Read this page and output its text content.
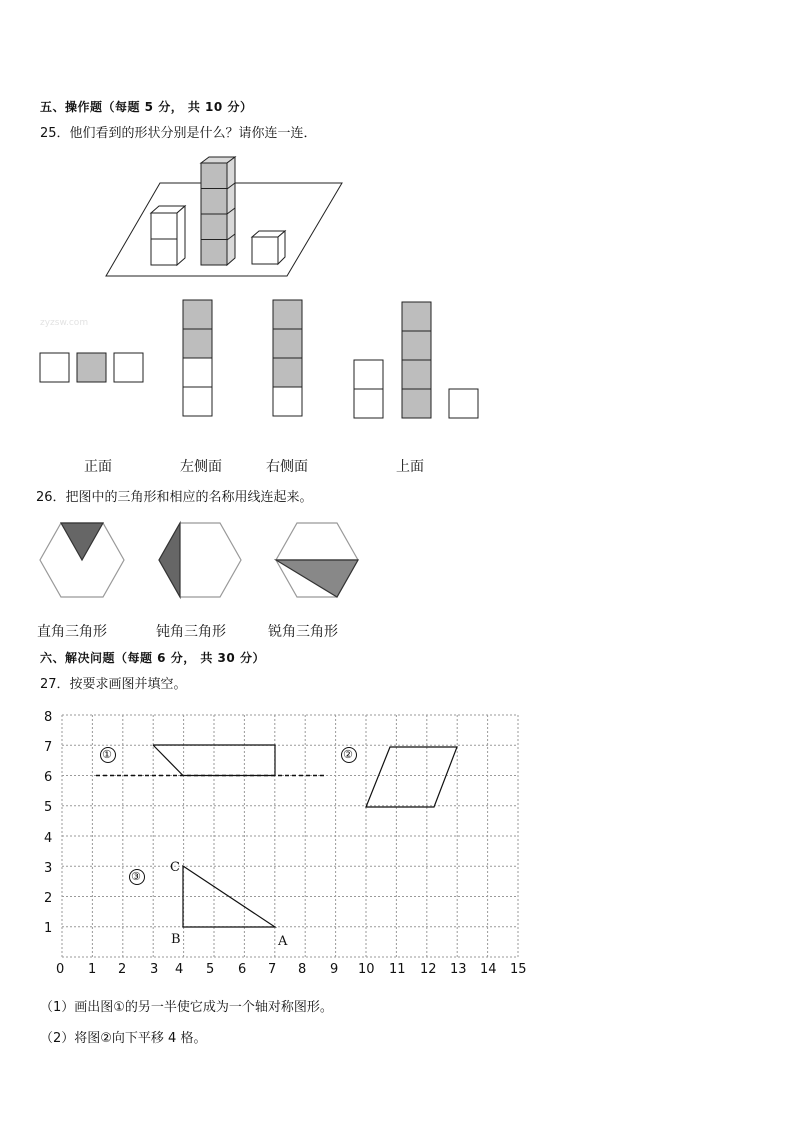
五、操作题（每题 5 分， 共 10 分）
25．他们看到的形状分别是什么？请你连一连．
zyzsw.com
正面	左侧面	右侧面	上面
26．把图中的三角形和相应的名称用线连起来。
直角三角形	钝角三角形	锐角三角形
六、解决问题（每题 6 分， 共 30 分）
27．按要求画图并填空。
8
7
6
5
4
3
2
1
0 1 2 3 4 5 6 7 8 9 10 11 12 13 14 15
①	②
③
C
B	A
（1）画出图①的另一半使它成为一个轴对称图形。
（2）将图②向下平移 4 格。
